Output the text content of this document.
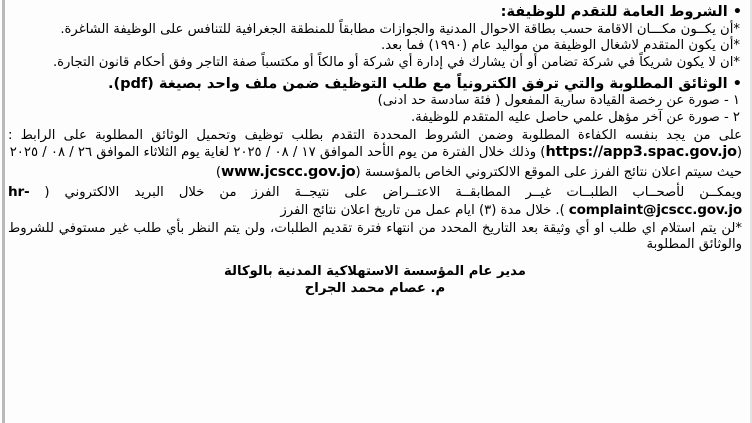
• الشروط العامة للتقدم للوظيفة:

*أن يكــون مكـــان الاقامة حسب بطاقة الاحوال المدنية والجوازات مطابقاً للمنطقة الجغرافية للتنافس على الوظيفة الشاغرة.

*أن يكون المتقدم لاشغال الوظيفة من مواليد عام (١٩٩٠) فما بعد.

*ان لا يكون شريكاً في شركة تضامن أو أن يشارك في إدارة أي شركة أو مالكاً أو مكتسباً صفة التاجر وفق أحكام قانون التجارة.

• الوثائق المطلوبة والتي ترفق الكترونياً مع طلب التوظيف ضمن ملف واحد بصيغة (pdf).

١ - صورة عن رخصة القيادة سارية المفعول ( فئة سادسة حد ادنى)

٢ - صورة عن آخر مؤهل علمي حاصل عليه المتقدم للوظيفة.

على من يجد بنفسه الكفاءة المطلوبة وضمن الشروط المحددة التقدم بطلب توظيف وتحميل الوثائق المطلوبة على الرابط : (https://app3.spac.gov.jo) وذلك خلال الفترة من يوم الأحد الموافق ١٧ / ٠٨ / ٢٠٢٥ لغاية يوم الثلاثاء الموافق ٢٦ / ٠٨ / ٢٠٢٥

حيث سيتم اعلان نتائج الفرز على الموقع الالكتروني الخاص بالمؤسسة (www.jcscc.gov.jo)

ويمكــن لأصحــاب الطلبــات غيــر المطابقــة الاعتــراض على نتيجــة الفرز من خلال البريد الالكتروني ( hr-complaint@jcscc.gov.jo ). خلال مدة (٣) ايام عمل من تاريخ اعلان نتائج الفرز

*لن يتم استلام اي طلب او أي وثيقة بعد التاريخ المحدد من انتهاء فترة تقديم الطلبات، ولن يتم النظر بأي طلب غير مستوفي للشروط والوثائق المطلوبة

مدير عام المؤسسة الاستهلاكية المدنية بالوكالة
م. عصام محمد الجراح
